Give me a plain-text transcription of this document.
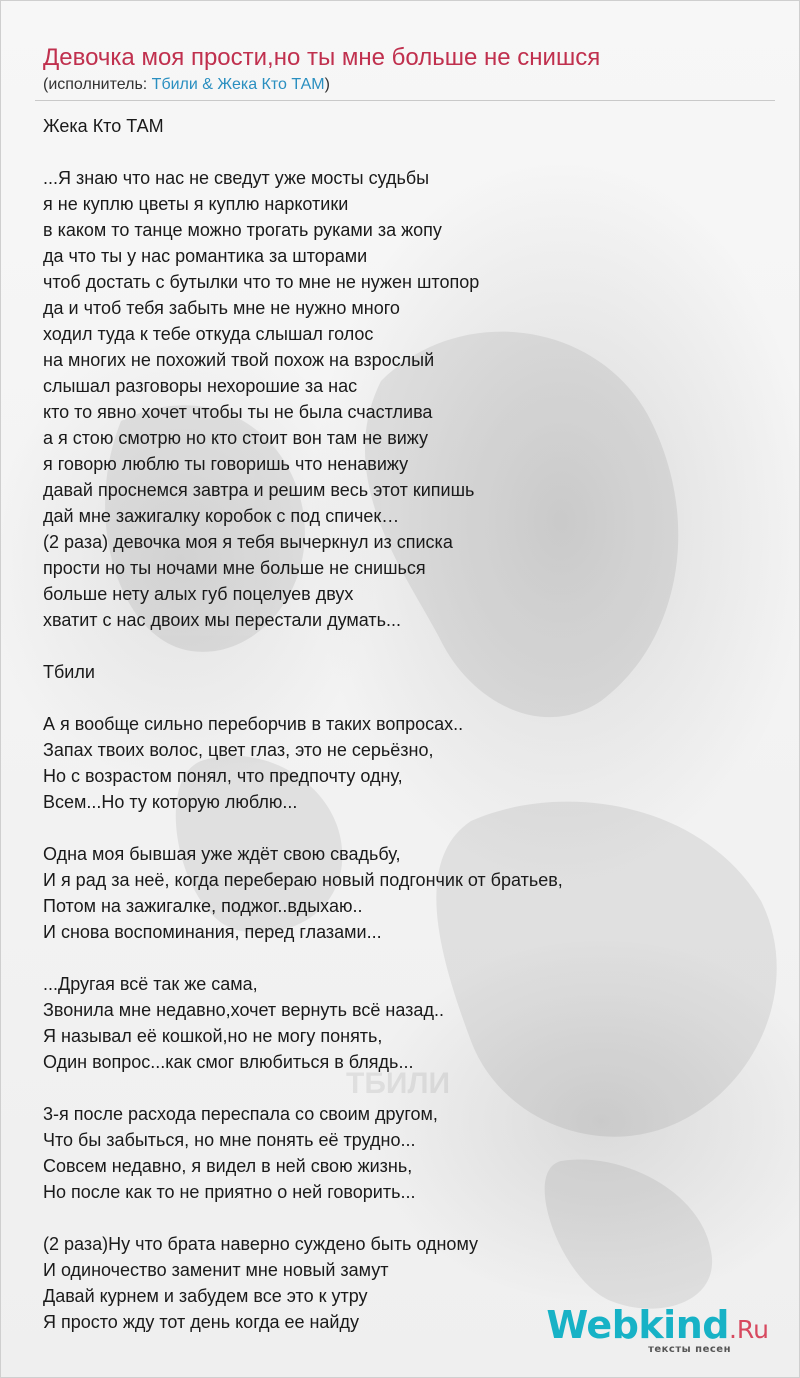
ТБИЛИ
Девочка моя прости,но ты мне больше не снишся
(исполнитель: Тбили & Жека Кто ТАМ)
Жека Кто ТАМ
...Я знаю что нас не сведут уже мосты судьбы
я не куплю цветы я куплю наркотики
в каком то танце можно трогать руками за жопу
да что ты у нас романтика за шторами
чтоб достать с бутылки что то мне не нужен штопор
да и чтоб тебя забыть мне не нужно много
ходил туда к тебе откуда слышал голос
на многих не похожий твой похож на взрослый
слышал разговоры нехорошие за нас
кто то явно хочет чтобы ты не была счастлива
а я стою смотрю но кто стоит вон там не вижу
я говорю люблю ты говоришь что ненавижу
давай проснемся завтра и решим весь этот кипишь
дай мне зажигалку коробок с под спичек…
(2 раза) девочка моя я тебя вычеркнул из списка
прости но ты ночами мне больше не снишься
больше нету алых губ поцелуев двух
хватит с нас двоих мы перестали думать...
Тбили
А я вообще сильно переборчив в таких вопросах..
Запах твоих волос, цвет глаз, это не серьёзно,
Но с возрастом понял, что предпочту одну,
Всем...Но ту которую люблю...
Одна моя бывшая уже ждёт свою свадьбу,
И я рад за неё, когда перебераю новый подгончик от братьев,
Потом на зажигалке, поджог..вдыхаю..
И снова воспоминания, перед глазами...
...Другая всё так же сама,
Звонила мне недавно,хочет вернуть всё назад..
Я называл её кошкой,но не могу понять,
Один вопрос...как смог влюбиться в блядь...
3-я после расхода переспала со своим другом,
Что бы забыться, но мне понять её трудно...
Совсем недавно, я видел в ней свою жизнь,
Но после как то не приятно о ней говорить...
(2 раза)Ну что брата наверно суждено быть одному
И одиночество заменит мне новый замут
Давай курнем и забудем все это к утру
Я просто жду тот день когда ее найду	Webkind.Ru
тексты песен
